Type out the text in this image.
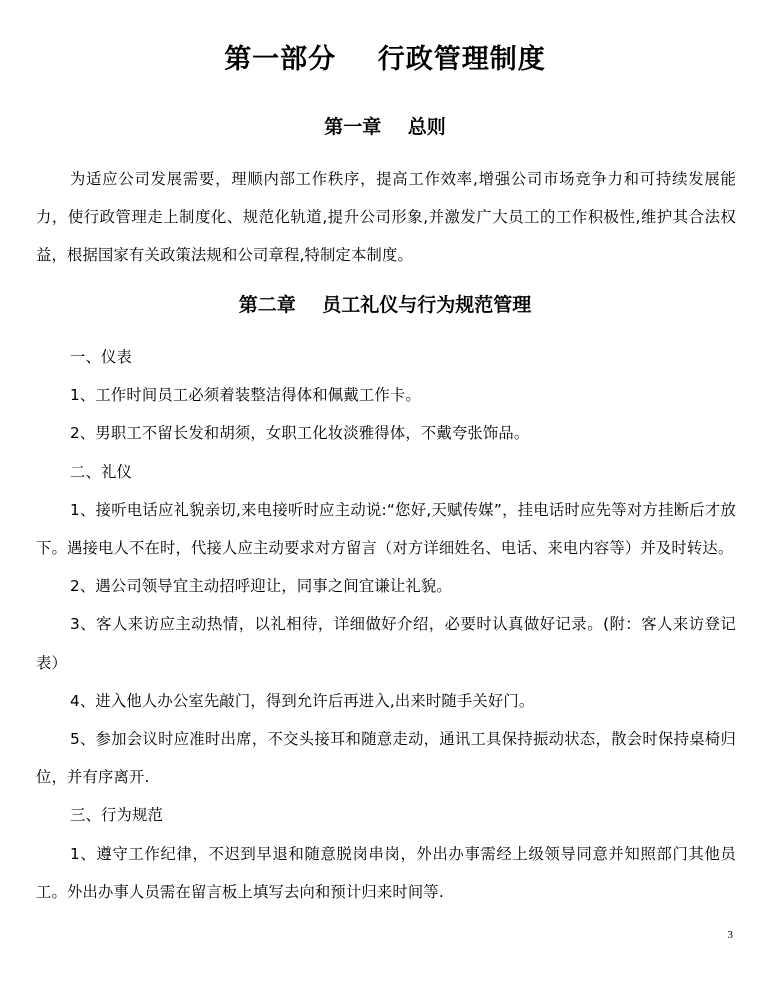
第一部分    行政管理制度
第一章    总则

为适应公司发展需要，理顺内部工作秩序，提高工作效率,增强公司市场竞争力和可持续发展能力，使行政管理走上制度化、规范化轨道,提升公司形象,并激发广大员工的工作积极性,维护其合法权益，根据国家有关政策法规和公司章程,特制定本制度。

第二章    员工礼仪与行为规范管理

一、仪表

1、工作时间员工必须着装整洁得体和佩戴工作卡。

2、男职工不留长发和胡须，女职工化妆淡雅得体，不戴夸张饰品。

二、礼仪

1、接听电话应礼貌亲切,来电接听时应主动说:“您好,天赋传媒”，挂电话时应先等对方挂断后才放下。遇接电人不在时，代接人应主动要求对方留言（对方详细姓名、电话、来电内容等）并及时转达。

2、遇公司领导宜主动招呼迎让，同事之间宜谦让礼貌。

3、客人来访应主动热情，以礼相待，详细做好介绍，必要时认真做好记录。(附：客人来访登记表）

4、进入他人办公室先敲门，得到允许后再进入,出来时随手关好门。

5、参加会议时应准时出席，不交头接耳和随意走动，通讯工具保持振动状态，散会时保持桌椅归位，并有序离开.

三、行为规范

1、遵守工作纪律，不迟到早退和随意脱岗串岗，外出办事需经上级领导同意并知照部门其他员工。外出办事人员需在留言板上填写去向和预计归来时间等.

3
